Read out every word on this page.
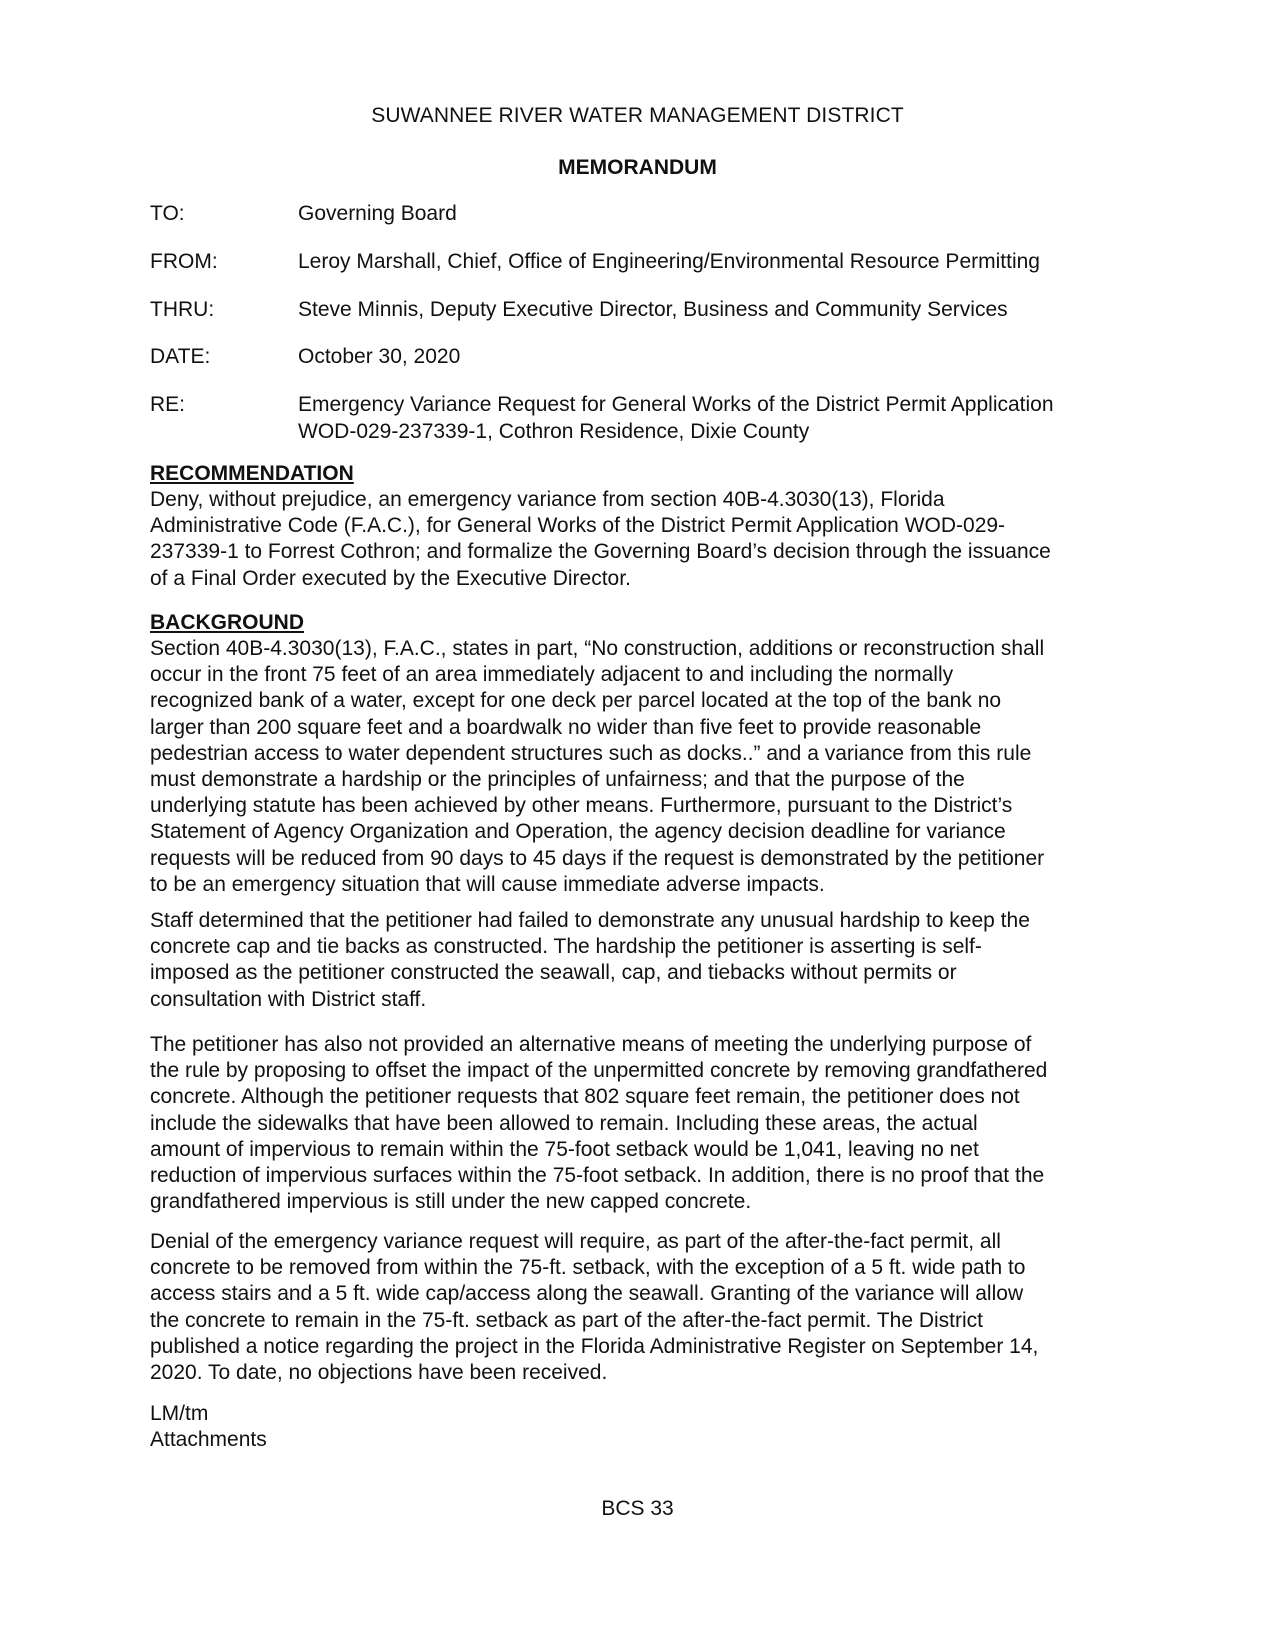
SUWANNEE RIVER WATER MANAGEMENT DISTRICT
MEMORANDUM
TO:	Governing Board
FROM:	Leroy Marshall, Chief, Office of Engineering/Environmental Resource Permitting
THRU:	Steve Minnis, Deputy Executive Director, Business and Community Services
DATE:	October 30, 2020
RE:	Emergency Variance Request for General Works of the District Permit Application
WOD-029-237339-1, Cothron Residence, Dixie County
RECOMMENDATION
Deny, without prejudice, an emergency variance from section 40B-4.3030(13), Florida
Administrative Code (F.A.C.), for General Works of the District Permit Application WOD-029-
237339-1 to Forrest Cothron; and formalize the Governing Board’s decision through the issuance
of a Final Order executed by the Executive Director.
BACKGROUND
Section 40B-4.3030(13), F.A.C., states in part, “No construction, additions or reconstruction shall
occur in the front 75 feet of an area immediately adjacent to and including the normally
recognized bank of a water, except for one deck per parcel located at the top of the bank no
larger than 200 square feet and a boardwalk no wider than five feet to provide reasonable
pedestrian access to water dependent structures such as docks..” and a variance from this rule
must demonstrate a hardship or the principles of unfairness; and that the purpose of the
underlying statute has been achieved by other means. Furthermore, pursuant to the District’s
Statement of Agency Organization and Operation, the agency decision deadline for variance
requests will be reduced from 90 days to 45 days if the request is demonstrated by the petitioner
to be an emergency situation that will cause immediate adverse impacts.
Staff determined that the petitioner had failed to demonstrate any unusual hardship to keep the
concrete cap and tie backs as constructed. The hardship the petitioner is asserting is self-
imposed as the petitioner constructed the seawall, cap, and tiebacks without permits or
consultation with District staff.
The petitioner has also not provided an alternative means of meeting the underlying purpose of
the rule by proposing to offset the impact of the unpermitted concrete by removing grandfathered
concrete. Although the petitioner requests that 802 square feet remain, the petitioner does not
include the sidewalks that have been allowed to remain. Including these areas, the actual
amount of impervious to remain within the 75-foot setback would be 1,041, leaving no net
reduction of impervious surfaces within the 75-foot setback. In addition, there is no proof that the
grandfathered impervious is still under the new capped concrete.
Denial of the emergency variance request will require, as part of the after-the-fact permit, all
concrete to be removed from within the 75-ft. setback, with the exception of a 5 ft. wide path to
access stairs and a 5 ft. wide cap/access along the seawall. Granting of the variance will allow
the concrete to remain in the 75-ft. setback as part of the after-the-fact permit. The District
published a notice regarding the project in the Florida Administrative Register on September 14,
2020. To date, no objections have been received.
LM/tm
Attachments
BCS 33
